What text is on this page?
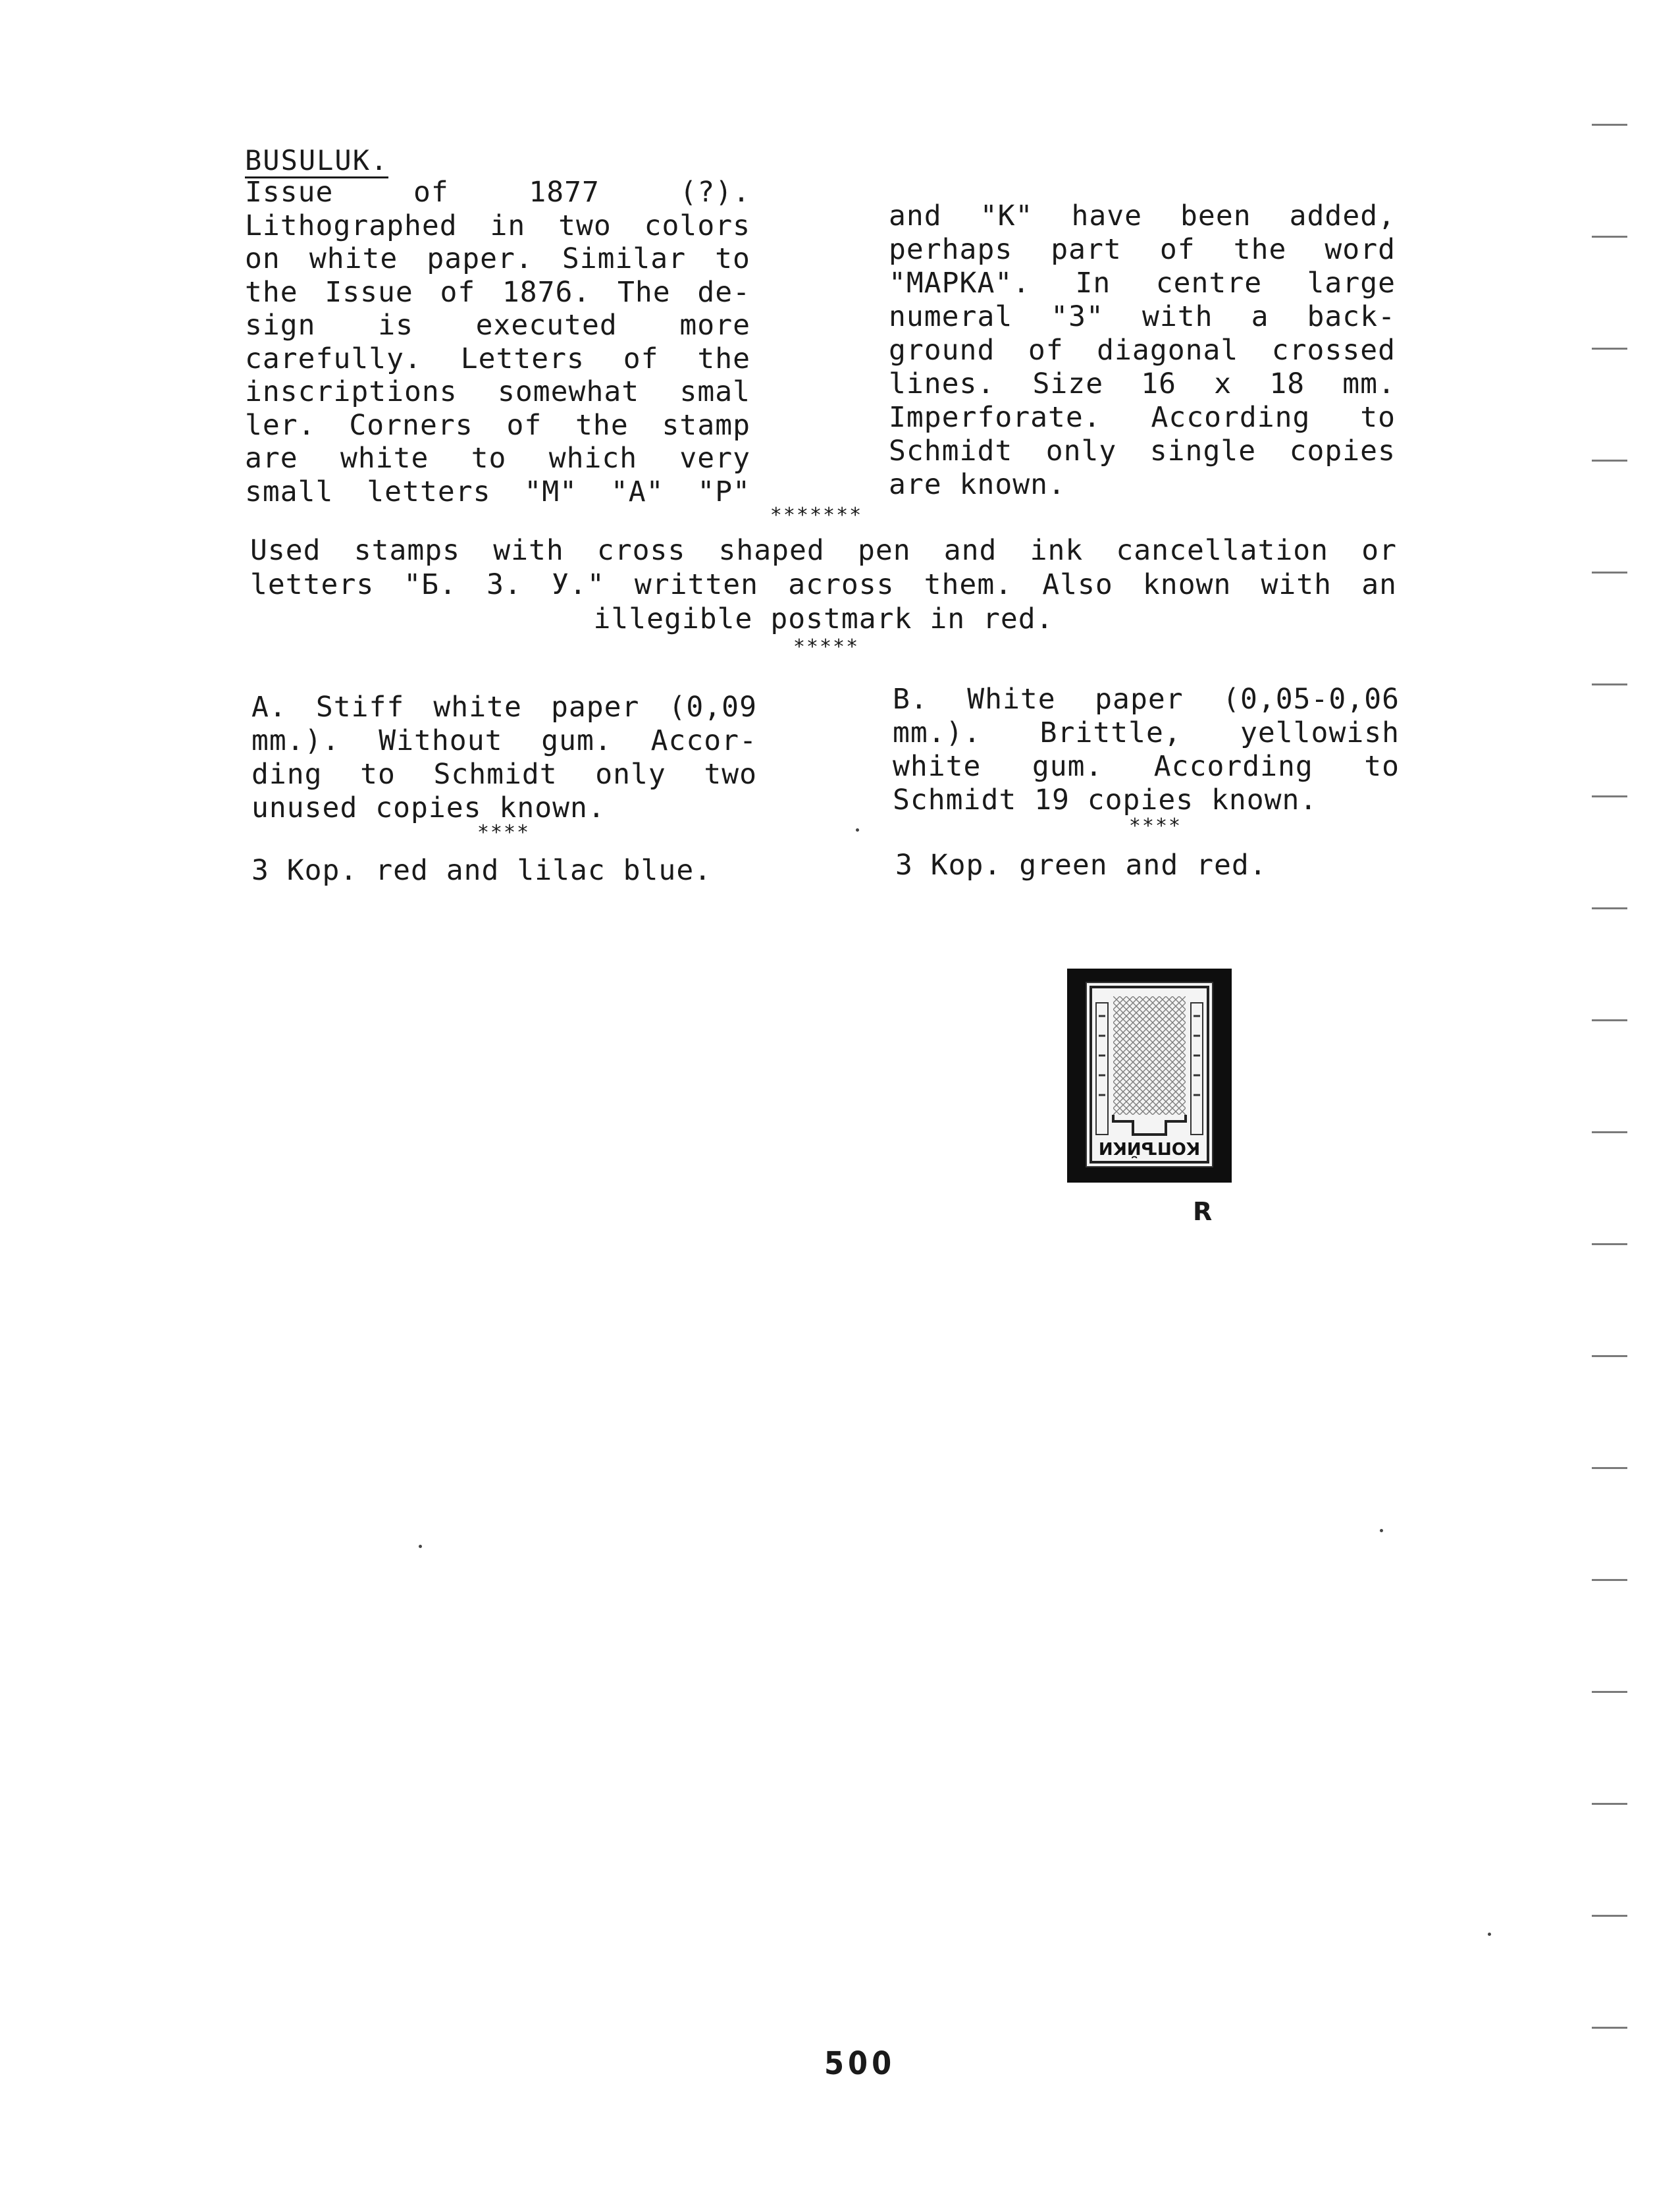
BUSULUK.
Issue	of	1877	(?).
Lithographed in two colors
on white paper. Similar to
the Issue of 1876. The de-
sign is executed more
carefully. Letters of the
inscriptions somewhat smal
ler. Corners of the stamp
are white to which very
small letters "M" "A" "P"
and "K" have been added,
perhaps part of the word
"MAPKA". In centre large
numeral "3" with a back-
ground of diagonal crossed
lines. Size 16 x 18 mm.
Imperforate. According to
Schmidt only single copies
are known.
*******
Used stamps with cross shaped pen and ink cancellation or
letters "Б. З. У." written across them. Also known with an
illegible postmark in red.
*****
A. Stiff white paper (0,09
mm.). Without gum. Accor-
ding to Schmidt only two
unused copies known.
B. White paper (0,05-0,06
mm.). Brittle, yellowish
white gum. According to
Schmidt 19 copies known.
****	****
3 Kop. red and lilac blue.	3 Kop. green and red.
КОПЪЙКИ
R
500
